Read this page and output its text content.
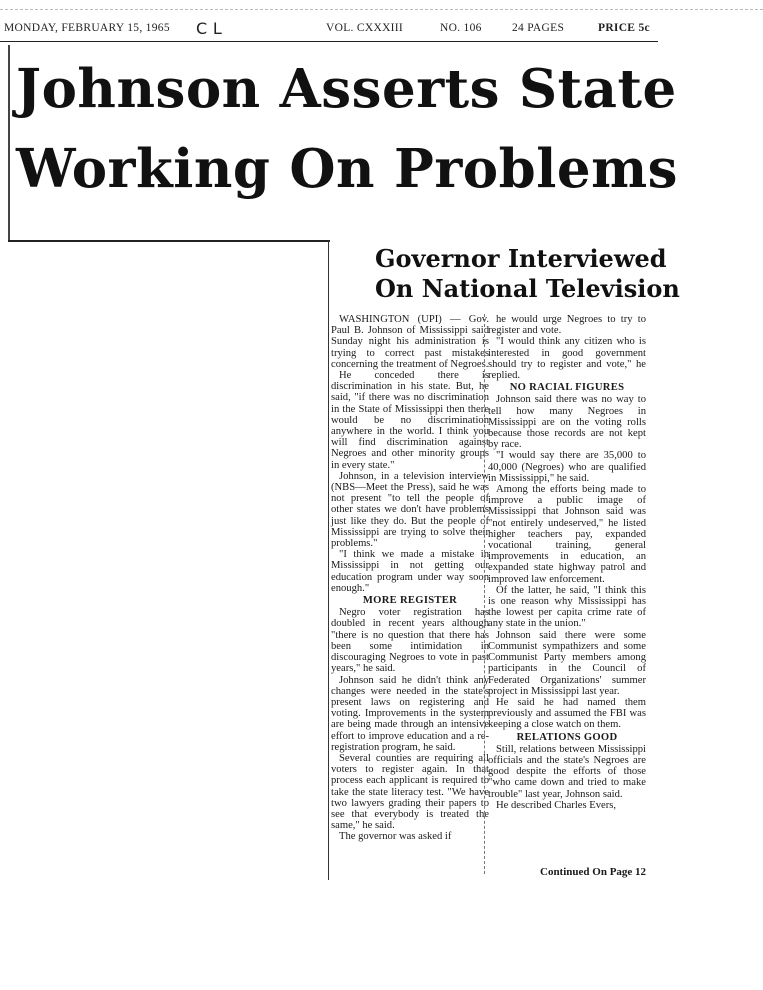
MONDAY, FEBRUARY 15, 1965 C L	VOL. CXXXIII	NO. 106	24 PAGES	PRICE 5c
Johnson Asserts State
Working On Problems
Governor Interviewed
On National Television

WASHINGTON (UPI) — Gov. Paul B. Johnson of Mississippi said Sunday night his administration is trying to correct past mistakes concerning the treatment of Negroes.

He conceded there is discrimination in his state. But, he said, "if there was no discrimination in the State of Mississippi then there would be no discrimination anywhere in the world. I think you will find discrimination against Negroes and other minority groups in every state."

Johnson, in a television interview (NBS—Meet the Press), said he was not present "to tell the people of other states we don't have problems just like they do. But the people of Mississippi are trying to solve their problems."

"I think we made a mistake in Mississippi in not getting our education program under way soon enough."

MORE REGISTER

Negro voter registration has doubled in recent years although "there is no question that there has been some intimidation in discouraging Negroes to vote in past years," he said.

Johnson said he didn't think any changes were needed in the state's present laws on registering and voting. Improvements in the system are being made through an intensive effort to improve education and a re-registration program, he said.

Several counties are requiring all voters to register again. In that process each applicant is required to take the state literacy test. "We have two lawyers grading their papers to see that everybody is treated the same," he said.

The governor was asked if

he would urge Negroes to try to register and vote.

"I would think any citizen who is interested in good government should try to register and vote," he replied.

NO RACIAL FIGURES

Johnson said there was no way to tell how many Negroes in Mississippi are on the voting rolls because those records are not kept by race.

"I would say there are 35,000 to 40,000 (Negroes) who are qualified in Mississippi," he said.

Among the efforts being made to improve a public image of Mississippi that Johnson said was "not entirely undeserved," he listed higher teachers pay, expanded vocational training, general improvements in education, an expanded state highway patrol and improved law enforcement.

Of the latter, he said, "I think this is one reason why Mississippi has the lowest per capita crime rate of any state in the union."

Johnson said there were some Communist sympathizers and some Communist Party members among participants in the Council of Federated Organizations' summer project in Mississippi last year.

He said he had named them previously and assumed the FBI was keeping a close watch on them.

RELATIONS GOOD

Still, relations between Mississippi officials and the state's Negroes are good despite the efforts of those "who came down and tried to make trouble" last year, Johnson said.

He described Charles Evers,

Continued On Page 12
